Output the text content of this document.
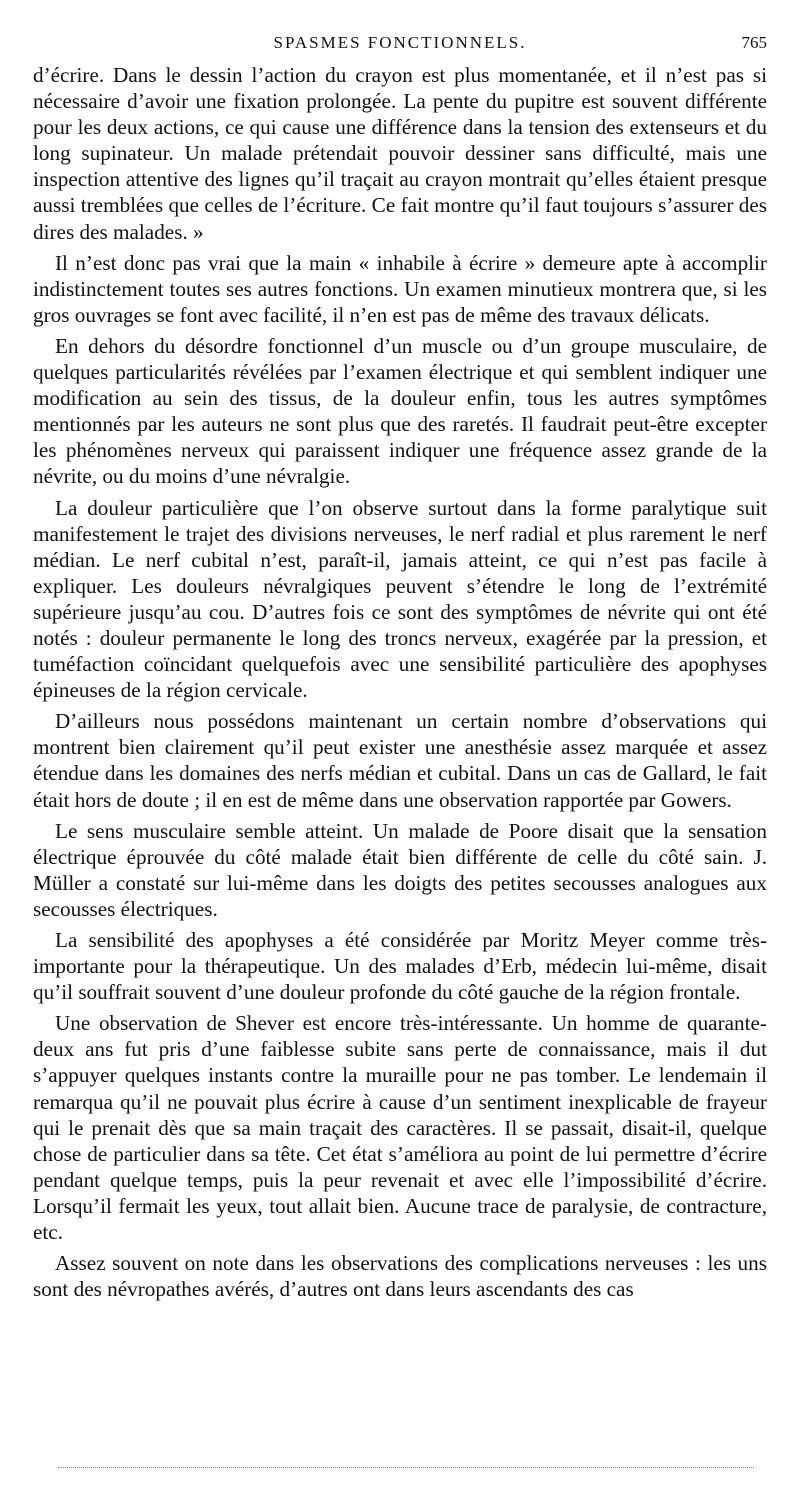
SPASMES FONCTIONNELS.	765

d’écrire. Dans le dessin l’action du crayon est plus momentanée, et il n’est pas si nécessaire d’avoir une fixation prolongée. La pente du pupitre est souvent différente pour les deux actions, ce qui cause une différence dans la tension des extenseurs et du long supinateur. Un malade prétendait pouvoir dessiner sans difficulté, mais une inspection attentive des lignes qu’il traçait au crayon montrait qu’elles étaient presque aussi tremblées que celles de l’écriture. Ce fait montre qu’il faut toujours s’assurer des dires des malades. »

Il n’est donc pas vrai que la main « inhabile à écrire » demeure apte à accomplir indistinctement toutes ses autres fonctions. Un examen minutieux montrera que, si les gros ouvrages se font avec facilité, il n’en est pas de même des travaux délicats.

En dehors du désordre fonctionnel d’un muscle ou d’un groupe musculaire, de quelques particularités révélées par l’examen électrique et qui semblent indiquer une modification au sein des tissus, de la douleur enfin, tous les autres symptômes mentionnés par les auteurs ne sont plus que des raretés. Il faudrait peut-être excepter les phénomènes nerveux qui paraissent indiquer une fréquence assez grande de la névrite, ou du moins d’une névralgie.

La douleur particulière que l’on observe surtout dans la forme paralytique suit manifestement le trajet des divisions nerveuses, le nerf radial et plus rarement le nerf médian. Le nerf cubital n’est, paraît-il, jamais atteint, ce qui n’est pas facile à expliquer. Les douleurs névralgiques peuvent s’étendre le long de l’extrémité supérieure jusqu’au cou. D’autres fois ce sont des symptômes de névrite qui ont été notés : douleur permanente le long des troncs nerveux, exagérée par la pression, et tuméfaction coïncidant quelquefois avec une sensibilité particulière des apophyses épineuses de la région cervicale.

D’ailleurs nous possédons maintenant un certain nombre d’observations qui montrent bien clairement qu’il peut exister une anesthésie assez marquée et assez étendue dans les domaines des nerfs médian et cubital. Dans un cas de Gallard, le fait était hors de doute ; il en est de même dans une observation rapportée par Gowers.

Le sens musculaire semble atteint. Un malade de Poore disait que la sensation électrique éprouvée du côté malade était bien différente de celle du côté sain. J. Müller a constaté sur lui-même dans les doigts des petites secousses analogues aux secousses électriques.

La sensibilité des apophyses a été considérée par Moritz Meyer comme très-importante pour la thérapeutique. Un des malades d’Erb, médecin lui-même, disait qu’il souffrait souvent d’une douleur profonde du côté gauche de la région frontale.

Une observation de Shever est encore très-intéressante. Un homme de quarante-deux ans fut pris d’une faiblesse subite sans perte de connaissance, mais il dut s’appuyer quelques instants contre la muraille pour ne pas tomber. Le lendemain il remarqua qu’il ne pouvait plus écrire à cause d’un sentiment inexplicable de frayeur qui le prenait dès que sa main traçait des caractères. Il se passait, disait-il, quelque chose de particulier dans sa tête. Cet état s’améliora au point de lui permettre d’écrire pendant quelque temps, puis la peur revenait et avec elle l’impossibilité d’écrire. Lorsqu’il fermait les yeux, tout allait bien. Aucune trace de paralysie, de contracture, etc.

Assez souvent on note dans les observations des complications nerveuses : les uns sont des névropathes avérés, d’autres ont dans leurs ascendants des cas
